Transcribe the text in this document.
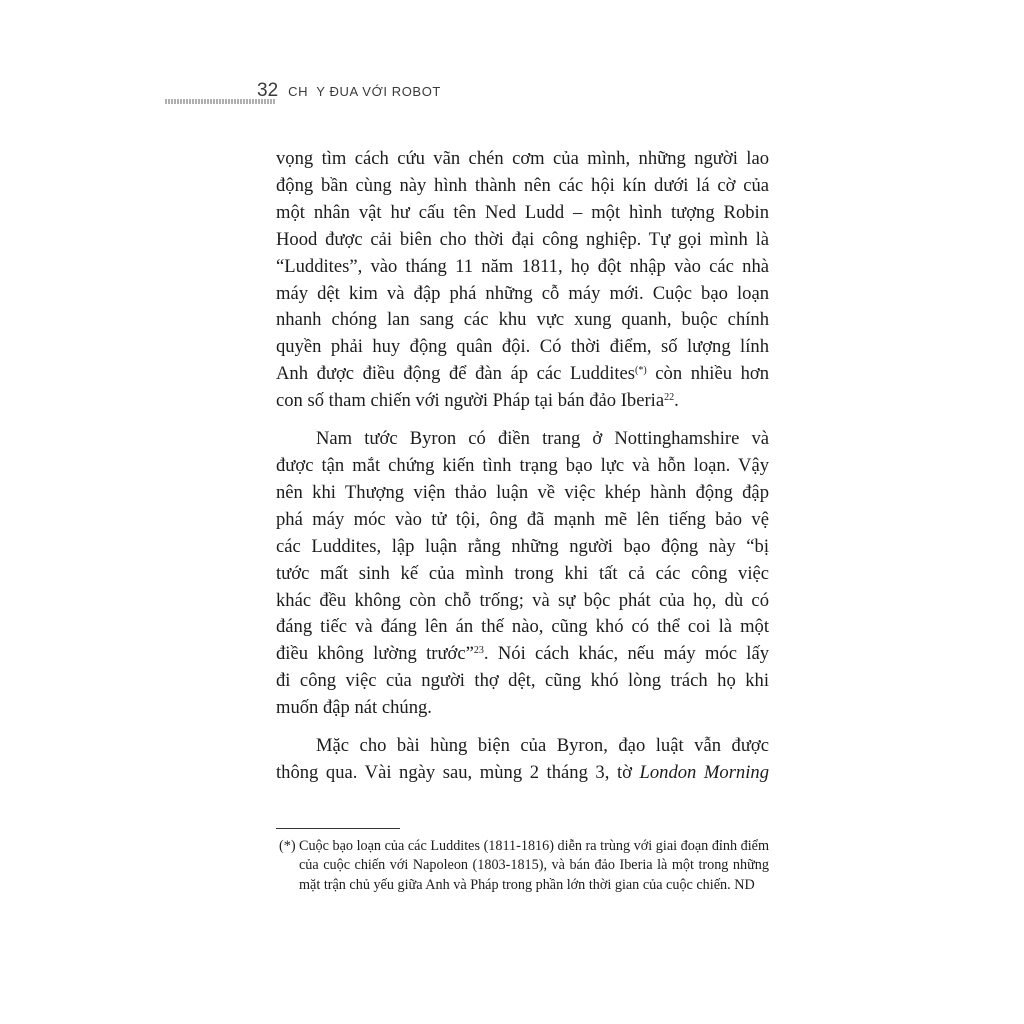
32 CH  Y ĐUA VỚI ROBOT

vọng tìm cách cứu vãn chén cơm của mình, những người lao

động bần cùng này hình thành nên các hội kín dưới lá cờ của

một nhân vật hư cấu tên Ned Ludd – một hình tượng Robin

Hood được cải biên cho thời đại công nghiệp. Tự gọi mình là

“Luddites”, vào tháng 11 năm 1811, họ đột nhập vào các nhà

máy dệt kim và đập phá những cỗ máy mới. Cuộc bạo loạn

nhanh chóng lan sang các khu vực xung quanh, buộc chính

quyền phải huy động quân đội. Có thời điểm, số lượng lính

Anh được điều động để đàn áp các Luddites(*) còn nhiều hơn

con số tham chiến với người Pháp tại bán đảo Iberia$^{22}$.

Nam tước Byron có điền trang ở Nottinghamshire và

được tận mắt chứng kiến tình trạng bạo lực và hỗn loạn. Vậy

nên khi Thượng viện thảo luận về việc khép hành động đập

phá máy móc vào tử tội, ông đã mạnh mẽ lên tiếng bảo vệ

các Luddites, lập luận rằng những người bạo động này “bị

tước mất sinh kế của mình trong khi tất cả các công việc

khác đều không còn chỗ trống; và sự bộc phát của họ, dù có

đáng tiếc và đáng lên án thế nào, cũng khó có thể coi là một

điều không lường trước”$^{23}$. Nói cách khác, nếu máy móc lấy

đi công việc của người thợ dệt, cũng khó lòng trách họ khi

muốn đập nát chúng.

Mặc cho bài hùng biện của Byron, đạo luật vẫn được

thông qua. Vài ngày sau, mùng 2 tháng 3, tờ London Morning

(*) Cuộc bạo loạn của các Luddites (1811-1816) diễn ra trùng với giai đoạn đỉnh điểm của cuộc chiến với Napoleon (1803-1815), và bán đảo Iberia là một trong những mặt trận chủ yếu giữa Anh và Pháp trong phần lớn thời gian của cuộc chiến. ND
